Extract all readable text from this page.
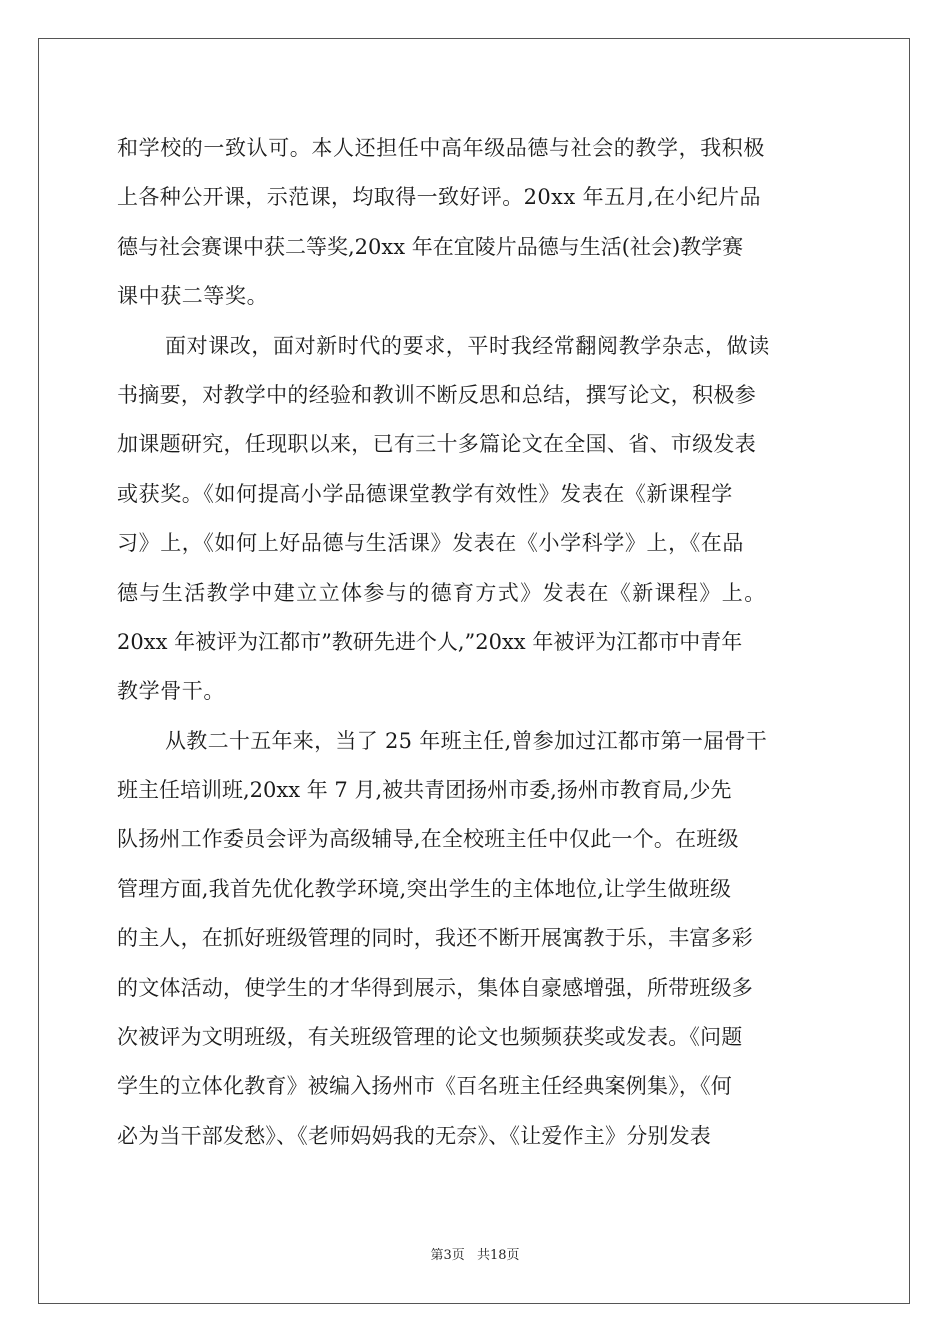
和学校的一致认可。本人还担任中高年级品德与社会的教学，我积极
上各种公开课，示范课，均取得一致好评。20xx 年五月,在小纪片品
德与社会赛课中获二等奖,20xx 年在宜陵片品德与生活(社会)教学赛
课中获二等奖。
面对课改，面对新时代的要求，平时我经常翻阅教学杂志，做读
书摘要，对教学中的经验和教训不断反思和总结，撰写论文，积极参
加课题研究，任现职以来，已有三十多篇论文在全国、省、市级发表
或获奖。《如何提高小学品德课堂教学有效性》发表在《新课程学
习》上，《如何上好品德与生活课》发表在《小学科学》上，《在品
德与生活教学中建立立体参与的德育方式》发表在《新课程》上。
20xx 年被评为江都市”教研先进个人,”20xx 年被评为江都市中青年
教学骨干。
从教二十五年来，当了 25 年班主任,曾参加过江都市第一届骨干
班主任培训班,20xx 年 7 月,被共青团扬州市委,扬州市教育局,少先
队扬州工作委员会评为高级辅导,在全校班主任中仅此一个。在班级
管理方面,我首先优化教学环境,突出学生的主体地位,让学生做班级
的主人，在抓好班级管理的同时，我还不断开展寓教于乐，丰富多彩
的文体活动，使学生的才华得到展示，集体自豪感增强，所带班级多
次被评为文明班级，有关班级管理的论文也频频获奖或发表。《问题
学生的立体化教育》被编入扬州市《百名班主任经典案例集》，《何
必为当干部发愁》、《老师妈妈我的无奈》、《让爱作主》分别发表
第3页 共18页
